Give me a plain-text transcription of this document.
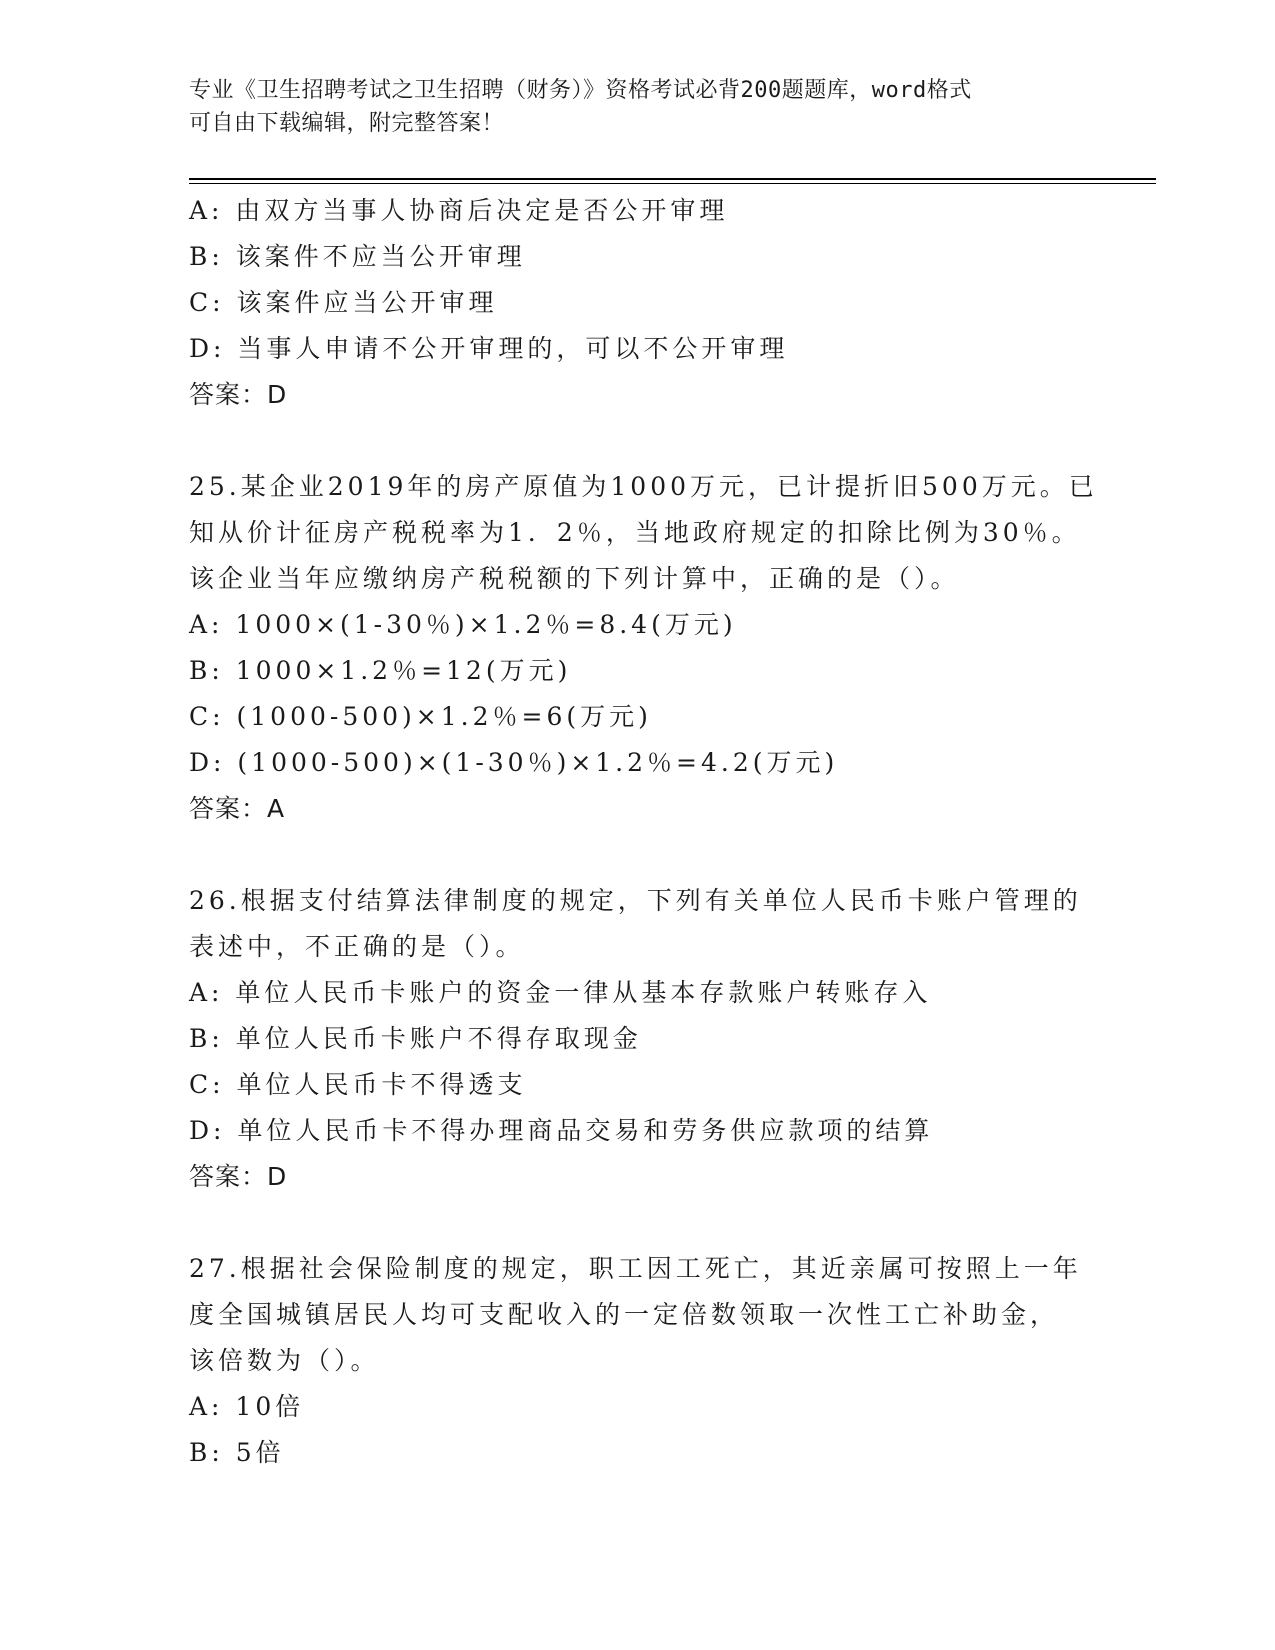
专业《卫生招聘考试之卫生招聘（财务）》资格考试必背200题题库，word格式
可自由下载编辑，附完整答案！
A: 由双方当事人协商后决定是否公开审理
B: 该案件不应当公开审理
C: 该案件应当公开审理
D: 当事人申请不公开审理的，可以不公开审理
答案：D
25.某企业2019年的房产原值为1000万元，已计提折旧500万元。已
知从价计征房产税税率为1．2％，当地政府规定的扣除比例为30％。
该企业当年应缴纳房产税税额的下列计算中，正确的是（）。
A: 1000×(1-30％)×1.2％=8.4(万元)
B: 1000×1.2％=12(万元)
C: (1000-500)×1.2％=6(万元)
D: (1000-500)×(1-30％)×1.2％=4.2(万元)
答案：A
26.根据支付结算法律制度的规定，下列有关单位人民币卡账户管理的
表述中，不正确的是（）。
A: 单位人民币卡账户的资金一律从基本存款账户转账存入
B: 单位人民币卡账户不得存取现金
C: 单位人民币卡不得透支
D: 单位人民币卡不得办理商品交易和劳务供应款项的结算
答案：D
27.根据社会保险制度的规定，职工因工死亡，其近亲属可按照上一年
度全国城镇居民人均可支配收入的一定倍数领取一次性工亡补助金，
该倍数为（）。
A: 10倍
B: 5倍
